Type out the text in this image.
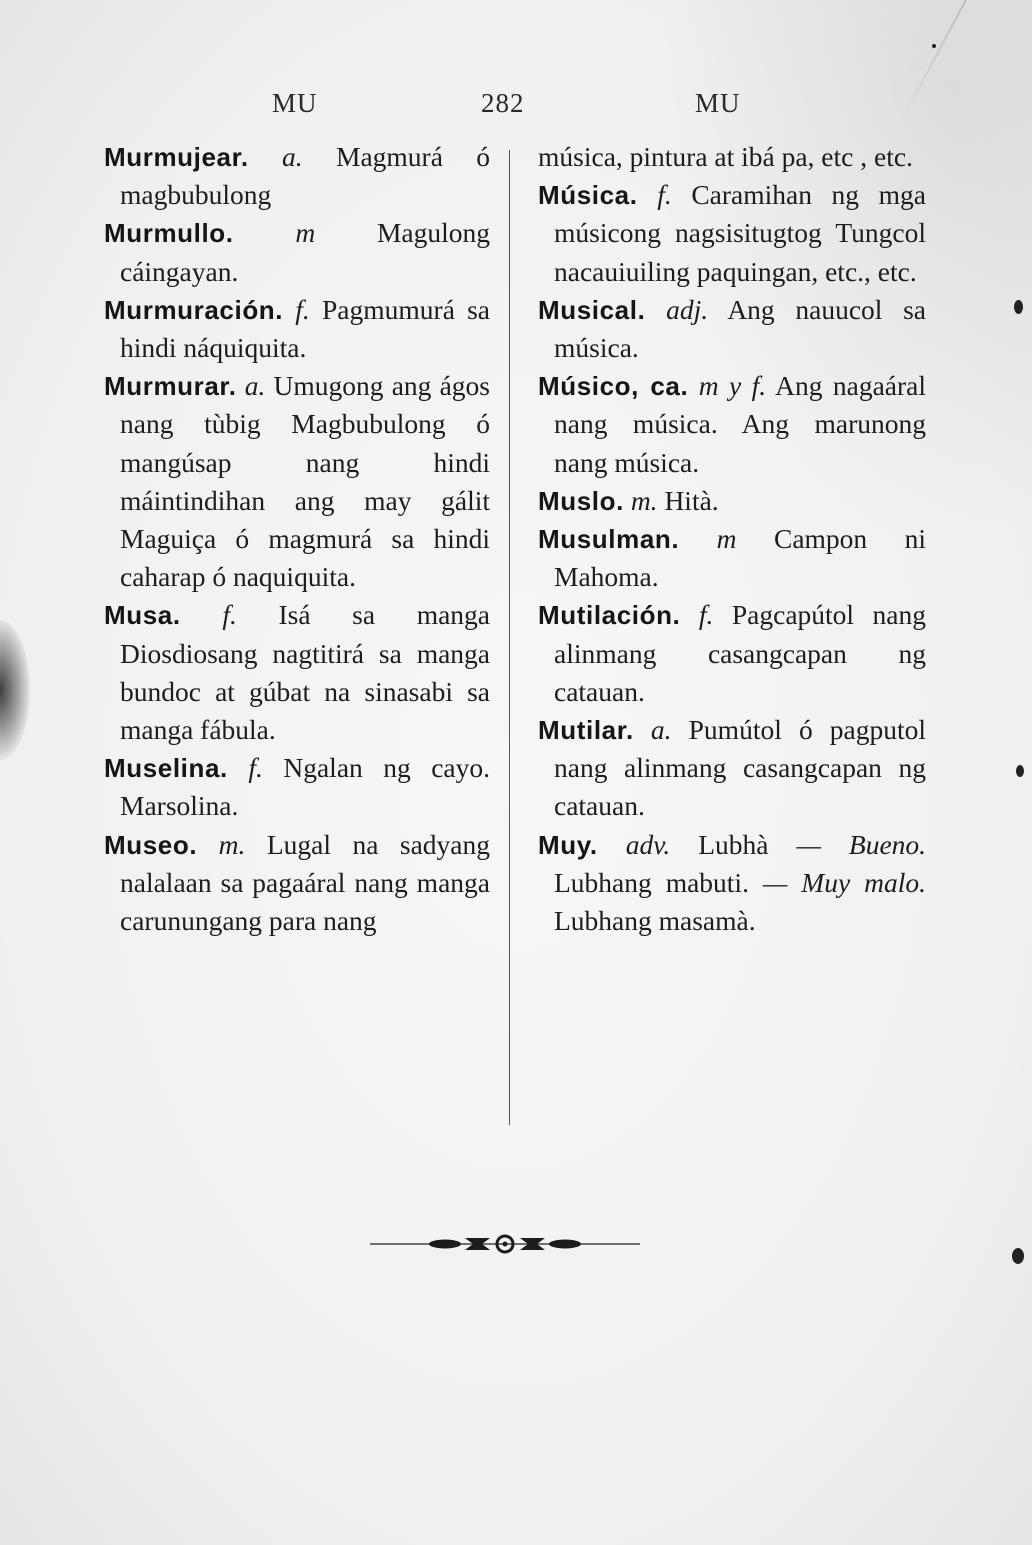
MU	282	MU

Murmujear. a. Magmurá ó magbubulong

Murmullo. m Magulong cáingayan.

Murmuración. f. Pagmumurá sa hindi náquiquita.

Murmurar. a. Umugong ang ágos nang tùbig Magbubulong ó mangúsap nang hindi máintindihan ang may gálit Maguiça ó magmurá sa hindi caharap ó naquiquita.

Musa. f. Isá sa manga Diosdiosang nagtitirá sa manga bundoc at gúbat na sinasabi sa manga fábula.

Muselina. f. Ngalan ng cayo. Marsolina.

Museo. m. Lugal na sadyang nalalaan sa pagaáral nang manga carunungang para nang

música, pintura at ibá pa, etc , etc.

Música. f. Caramihan ng mga músicong nagsisitugtog Tungcol nacauiuiling paquingan, etc., etc.

Musical. adj. Ang nauucol sa música.

Músico, ca. m y f. Ang nagaáral nang música. Ang marunong nang música.

Muslo. m. Hità.

Musulman. m Campon ni Mahoma.

Mutilación. f. Pagcapútol nang alinmang casangcapan ng catauan.

Mutilar. a. Pumútol ó pagputol nang alinmang casangcapan ng catauan.

Muy. adv. Lubhà — Bueno. Lubhang mabuti. — Muy malo. Lubhang masamà.
